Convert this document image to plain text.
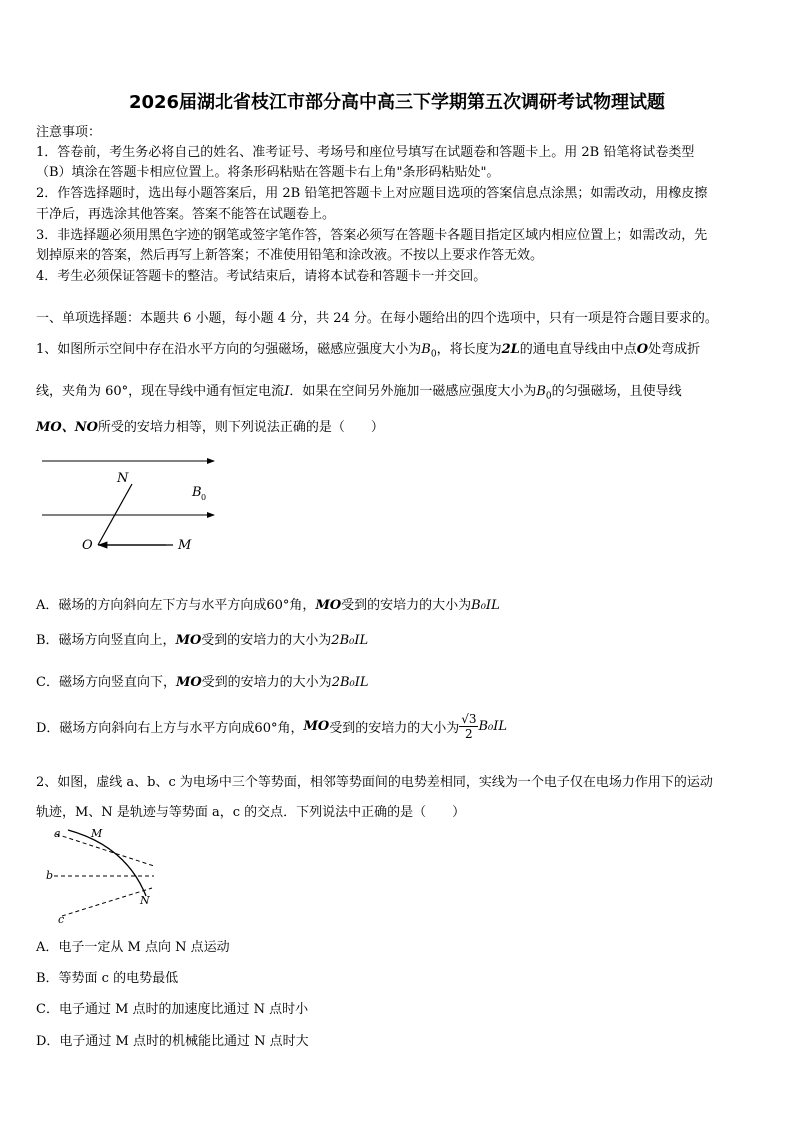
2026届湖北省枝江市部分高中高三下学期第五次调研考试物理试题
注意事项：
1．答卷前，考生务必将自己的姓名、准考证号、考场号和座位号填写在试题卷和答题卡上。用 2B 铅笔将试卷类型
（B）填涂在答题卡相应位置上。将条形码粘贴在答题卡右上角"条形码粘贴处"。
2．作答选择题时，选出每小题答案后，用 2B 铅笔把答题卡上对应题目选项的答案信息点涂黑；如需改动，用橡皮擦
干净后，再选涂其他答案。答案不能答在试题卷上。
3．非选择题必须用黑色字迹的钢笔或签字笔作答，答案必须写在答题卡各题目指定区域内相应位置上；如需改动，先
划掉原来的答案，然后再写上新答案；不准使用铅笔和涂改液。不按以上要求作答无效。
4．考生必须保证答题卡的整洁。考试结束后，请将本试卷和答题卡一并交回。
一、单项选择题：本题共 6 小题，每小题 4 分，共 24 分。在每小题给出的四个选项中，只有一项是符合题目要求的。
1、如图所示空间中存在沿水平方向的匀强磁场，磁感应强度大小为$B_0$，将长度为2L的通电直导线由中点O处弯成折
线，夹角为 60°，现在导线中通有恒定电流I．如果在空间另外施加一磁感应强度大小为$B_0$的匀强磁场，且使导线
MO、NO所受的安培力相等，则下列说法正确的是（　　）
N
B 0
O	M
A．磁场的方向斜向左下方与水平方向成60°角，MO受到的安培力的大小为B₀IL
B．磁场方向竖直向上，MO受到的安培力的大小为2B₀IL
C．磁场方向竖直向下，MO受到的安培力的大小为2B₀IL
D．磁场方向斜向右上方与水平方向成60°角，MO受到的安培力的大小为 $\frac{√3}{2} B_0IL$
2、如图，虚线 a、b、c 为电场中三个等势面，相邻等势面间的电势差相同，实线为一个电子仅在电场力作用下的运动
轨迹，M、N 是轨迹与等势面 a，c 的交点．下列说法中正确的是（　　）
a	M
b
c
N
A．电子一定从 M 点向 N 点运动
B．等势面 c 的电势最低
C．电子通过 M 点时的加速度比通过 N 点时小
D．电子通过 M 点时的机械能比通过 N 点时大
